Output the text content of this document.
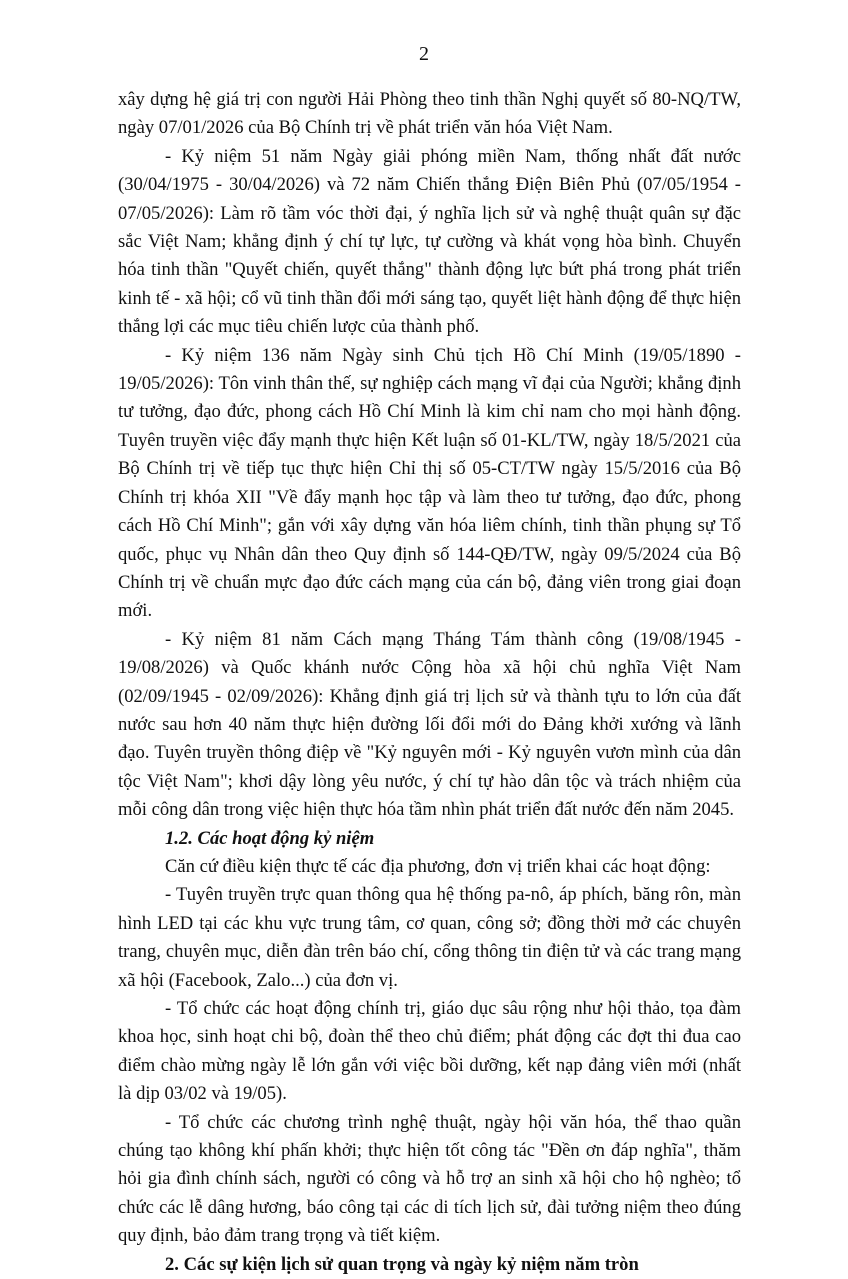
2

xây dựng hệ giá trị con người Hải Phòng theo tinh thần Nghị quyết số 80-NQ/TW, ngày 07/01/2026 của Bộ Chính trị về phát triển văn hóa Việt Nam.

- Kỷ niệm 51 năm Ngày giải phóng miền Nam, thống nhất đất nước (30/04/1975 - 30/04/2026) và 72 năm Chiến thắng Điện Biên Phủ (07/05/1954 - 07/05/2026): Làm rõ tầm vóc thời đại, ý nghĩa lịch sử và nghệ thuật quân sự đặc sắc Việt Nam; khẳng định ý chí tự lực, tự cường và khát vọng hòa bình. Chuyển hóa tinh thần "Quyết chiến, quyết thắng" thành động lực bứt phá trong phát triển kinh tế - xã hội; cổ vũ tinh thần đổi mới sáng tạo, quyết liệt hành động để thực hiện thắng lợi các mục tiêu chiến lược của thành phố.

- Kỷ niệm 136 năm Ngày sinh Chủ tịch Hồ Chí Minh (19/05/1890 - 19/05/2026): Tôn vinh thân thế, sự nghiệp cách mạng vĩ đại của Người; khẳng định tư tưởng, đạo đức, phong cách Hồ Chí Minh là kim chỉ nam cho mọi hành động. Tuyên truyền việc đẩy mạnh thực hiện Kết luận số 01-KL/TW, ngày 18/5/2021 của Bộ Chính trị về tiếp tục thực hiện Chỉ thị số 05-CT/TW ngày 15/5/2016 của Bộ Chính trị khóa XII "Về đẩy mạnh học tập và làm theo tư tưởng, đạo đức, phong cách Hồ Chí Minh"; gắn với xây dựng văn hóa liêm chính, tinh thần phụng sự Tổ quốc, phục vụ Nhân dân theo Quy định số 144-QĐ/TW, ngày 09/5/2024 của Bộ Chính trị về chuẩn mực đạo đức cách mạng của cán bộ, đảng viên trong giai đoạn mới.

- Kỷ niệm 81 năm Cách mạng Tháng Tám thành công (19/08/1945 - 19/08/2026) và Quốc khánh nước Cộng hòa xã hội chủ nghĩa Việt Nam (02/09/1945 - 02/09/2026): Khẳng định giá trị lịch sử và thành tựu to lớn của đất nước sau hơn 40 năm thực hiện đường lối đổi mới do Đảng khởi xướng và lãnh đạo. Tuyên truyền thông điệp về "Kỷ nguyên mới - Kỷ nguyên vươn mình của dân tộc Việt Nam"; khơi dậy lòng yêu nước, ý chí tự hào dân tộc và trách nhiệm của mỗi công dân trong việc hiện thực hóa tầm nhìn phát triển đất nước đến năm 2045.

1.2. Các hoạt động kỷ niệm

Căn cứ điều kiện thực tế các địa phương, đơn vị triển khai các hoạt động:

- Tuyên truyền trực quan thông qua hệ thống pa-nô, áp phích, băng rôn, màn hình LED tại các khu vực trung tâm, cơ quan, công sở; đồng thời mở các chuyên trang, chuyên mục, diễn đàn trên báo chí, cổng thông tin điện tử và các trang mạng xã hội (Facebook, Zalo...) của đơn vị.

- Tổ chức các hoạt động chính trị, giáo dục sâu rộng như hội thảo, tọa đàm khoa học, sinh hoạt chi bộ, đoàn thể theo chủ điểm; phát động các đợt thi đua cao điểm chào mừng ngày lễ lớn gắn với việc bồi dưỡng, kết nạp đảng viên mới (nhất là dịp 03/02 và 19/05).

- Tổ chức các chương trình nghệ thuật, ngày hội văn hóa, thể thao quần chúng tạo không khí phấn khởi; thực hiện tốt công tác "Đền ơn đáp nghĩa", thăm hỏi gia đình chính sách, người có công và hỗ trợ an sinh xã hội cho hộ nghèo; tổ chức các lễ dâng hương, báo công tại các di tích lịch sử, đài tưởng niệm theo đúng quy định, bảo đảm trang trọng và tiết kiệm.

2. Các sự kiện lịch sử quan trọng và ngày kỷ niệm năm tròn
